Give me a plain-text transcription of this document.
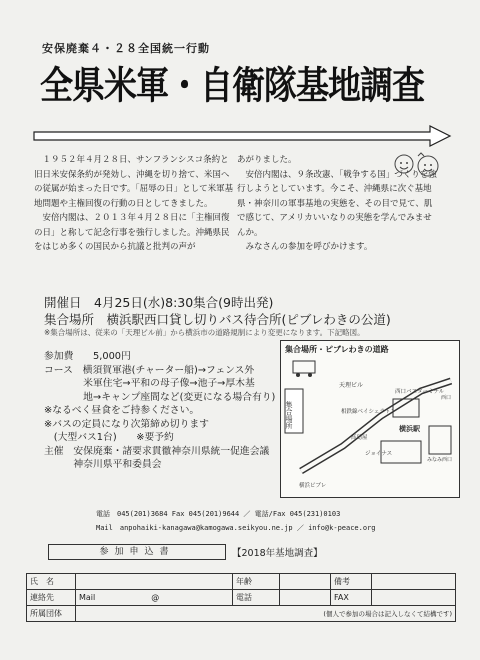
安保廃棄４・２８全国統一行動
全県米軍・自衛隊基地調査

１９５２年４月２８日、サンフランシスコ条約と旧日米安保条約が発効し、沖縄を切り捨て、米国への従属が始まった日です。「屈辱の日」として米軍基地問題や主権回復の行動の日としてきました。

安倍内閣は、２０１３年４月２８日に「主権回復の日」と称して記念行事を強行しました。沖縄県民をはじめ多くの国民から抗議と批判の声が

あがりました。

安倍内閣は、９条改憲、「戦争する国」づくりを強行しようとしています。今こそ、沖縄県に次ぐ基地県・神奈川の軍事基地の実態を、その目で見て、肌で感じて、アメリカいいなりの実態を学んでみませんか。

みなさんの参加を呼びかけます。

開催日　4月25日(水)8:30集合(9時出発)
集合場所　横浜駅西口貸し切りバス待合所(ピブレわきの公道)
※集合場所は、従来の「天理ビル前」から横浜市の道路規制により変更になります。下記略図。
参加費　　5,000円
コース　横須賀軍港(チャーター船)→フェンス外
　　　　米軍住宅→平和の母子像→池子→厚木基
　　　　地→キャンプ座間など(変更になる場合有り)
※なるべく昼食をご持参ください。
※バスの定員になり次第締め切ります
　(大型バス1台)　　※要予約
主催　安保廃棄・諸要求貫徹神奈川県統一促進会議
　　　神奈川県平和委員会
集合場所・ピブレわきの道路
天理ビル
集合場所
西口バスターミナル
相鉄線ベイシェラトン
横浜駅
高島屋
ジョイナス
横浜ビブレ
みなみ西口
西口
電話　045(201)3684 Fax 045(201)9644 ／ 電話/Fax 045(231)0103
Mail　anpohaiki-kanagawa@kamogawa.seikyou.ne.jp ／ info@k-peace.org
参加申込書	【2018年基地調査】
氏　名		年齢		備考	
連絡先	Mail　　　　　　　@	電話		FAX	
所属団体	(個人で参加の場合は記入しなくて結構です)				
